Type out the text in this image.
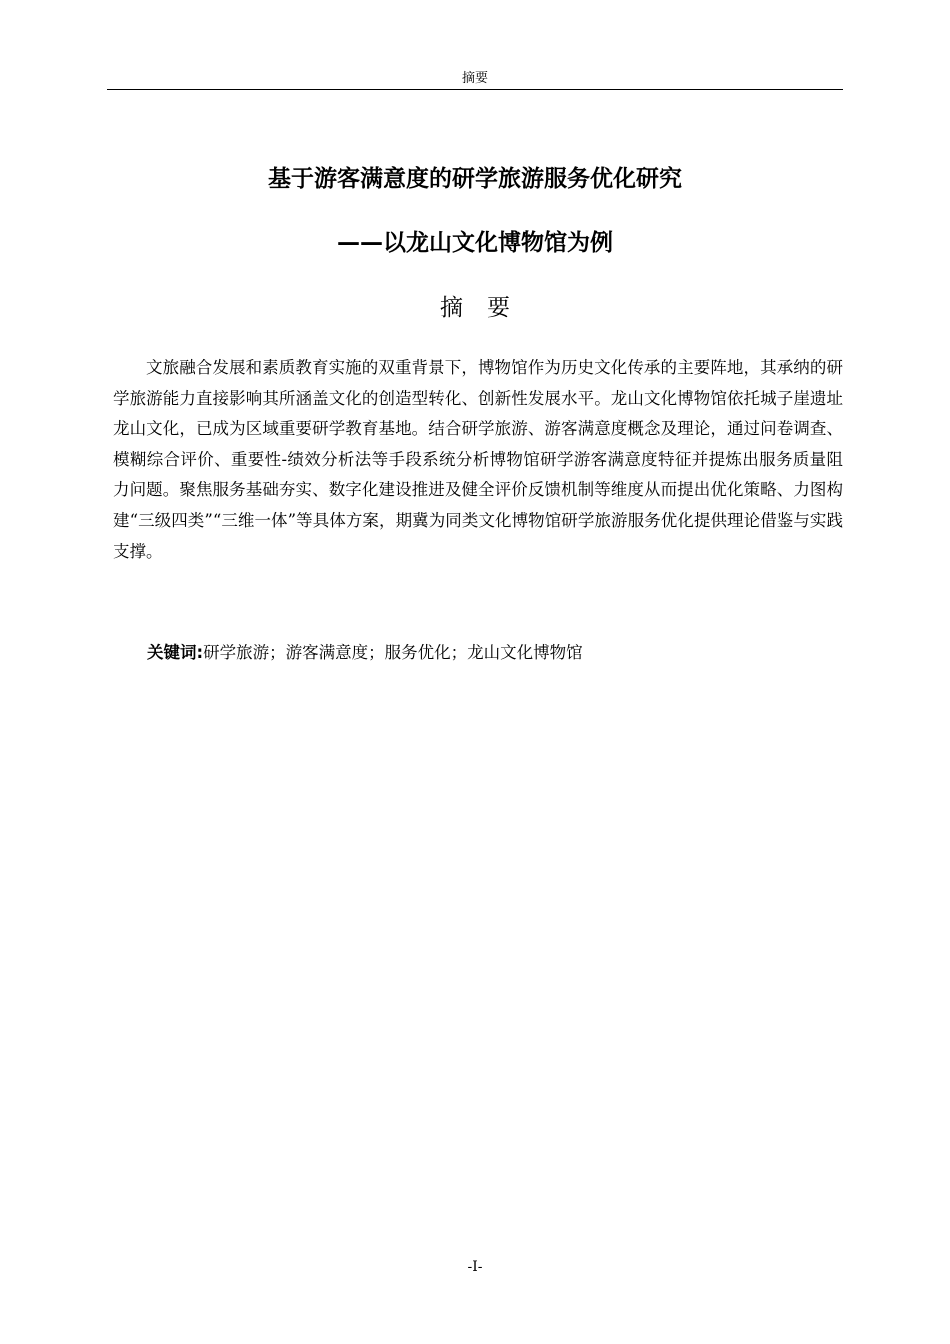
摘要
基于游客满意度的研学旅游服务优化研究
——以龙山文化博物馆为例
摘要

文旅融合发展和素质教育实施的双重背景下，博物馆作为历史文化传承的主要阵地，其承纳的研学旅游能力直接影响其所涵盖文化的创造型转化、创新性发展水平。龙山文化博物馆依托城子崖遗址龙山文化，已成为区域重要研学教育基地。结合研学旅游、游客满意度概念及理论，通过问卷调查、模糊综合评价、重要性-绩效分析法等手段系统分析博物馆研学游客满意度特征并提炼出服务质量阻力问题。聚焦服务基础夯实、数字化建设推进及健全评价反馈机制等维度从而提出优化策略、力图构建“三级四类”“三维一体”等具体方案，期冀为同类文化博物馆研学旅游服务优化提供理论借鉴与实践支撑。

关键词:研学旅游；游客满意度；服务优化；龙山文化博物馆
-I-
